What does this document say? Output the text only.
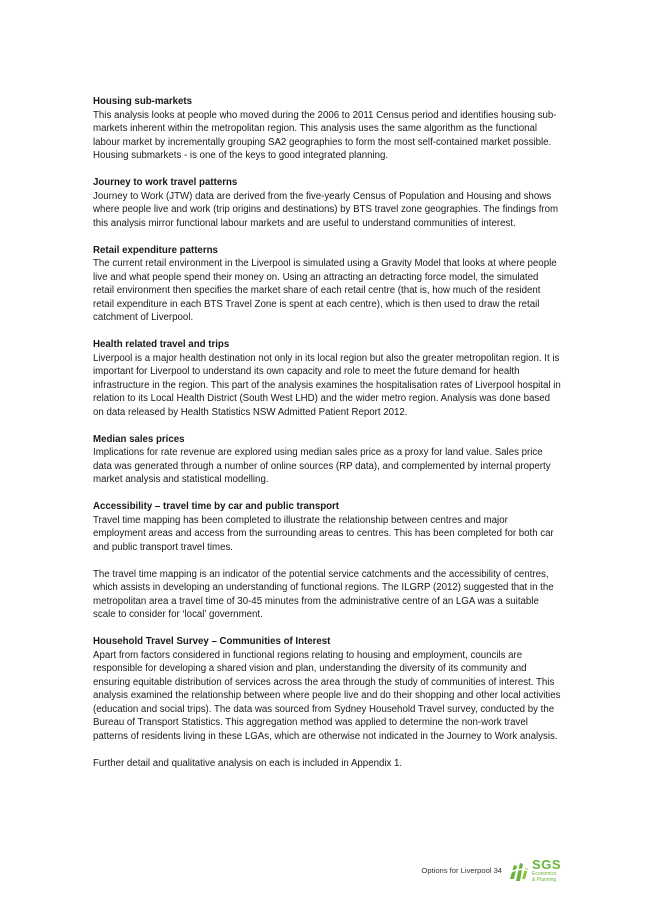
Housing sub-markets

This analysis looks at people who moved during the 2006 to 2011 Census period and identifies housing sub-markets inherent within the metropolitan region. This analysis uses the same algorithm as the functional labour market by incrementally grouping SA2 geographies to form the most self-contained market possible. Housing submarkets - is one of the keys to good integrated planning.

Journey to work travel patterns

Journey to Work (JTW) data are derived from the five-yearly Census of Population and Housing and shows where people live and work (trip origins and destinations) by BTS travel zone geographies. The findings from this analysis mirror functional labour markets and are useful to understand communities of interest.

Retail expenditure patterns

The current retail environment in the Liverpool is simulated using a Gravity Model that looks at where people live and what people spend their money on. Using an attracting an detracting force model, the simulated retail environment then specifies the market share of each retail centre (that is, how much of the resident retail expenditure in each BTS Travel Zone is spent at each centre), which is then used to draw the retail catchment of Liverpool.

Health related travel and trips

Liverpool is a major health destination not only in its local region but also the greater metropolitan region. It is important for Liverpool to understand its own capacity and role to meet the future demand for health infrastructure in the region. This part of the analysis examines the hospitalisation rates of Liverpool hospital in relation to its Local Health District (South West LHD) and the wider metro region. Analysis was done based on data released by Health Statistics NSW Admitted Patient Report 2012.

Median sales prices

Implications for rate revenue are explored using median sales price as a proxy for land value. Sales price data was generated through a number of online sources (RP data), and complemented by internal property market analysis and statistical modelling.

Accessibility – travel time by car and public transport

Travel time mapping has been completed to illustrate the relationship between centres and major employment areas and access from the surrounding areas to centres. This has been completed for both car and public transport travel times.

The travel time mapping is an indicator of the potential service catchments and the accessibility of centres, which assists in developing an understanding of functional regions. The ILGRP (2012) suggested that in the metropolitan area a travel time of 30-45 minutes from the administrative centre of an LGA was a suitable scale to consider for ‘local’ government.

Household Travel Survey – Communities of Interest

Apart from factors considered in functional regions relating to housing and employment, councils are responsible for developing a shared vision and plan, understanding the diversity of its community and ensuring equitable distribution of services across the area through the study of communities of interest. This analysis examined the relationship between where people live and do their shopping and other local activities (education and social trips). The data was sourced from Sydney Household Travel survey, conducted by the Bureau of Transport Statistics. This aggregation method was applied to determine the non-work travel patterns of residents living in these LGAs, which are otherwise not indicated in the Journey to Work analysis.

Further detail and qualitative analysis on each is included in Appendix 1.

Options for Liverpool 34 SGS
Economics
& Planning
